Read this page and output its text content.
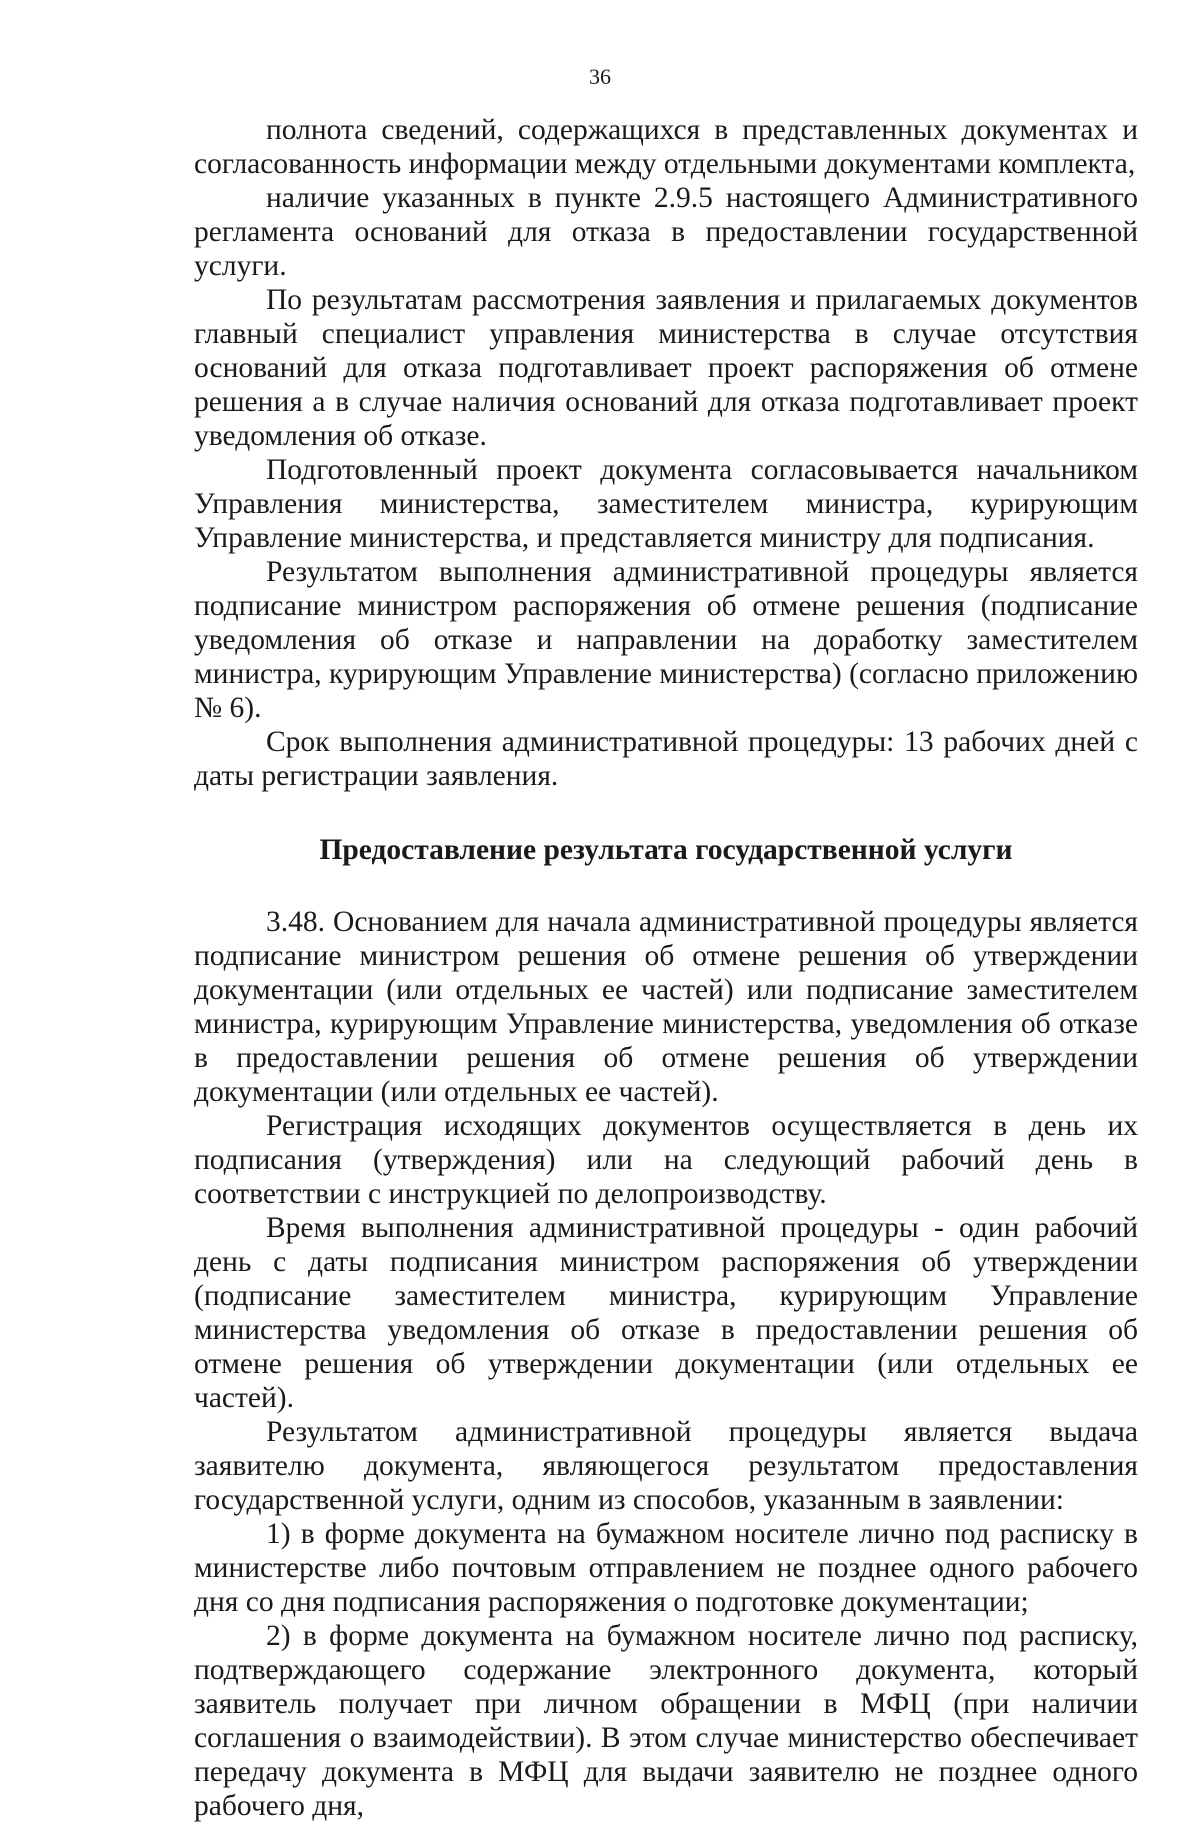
36

полнота сведений, содержащихся в представленных документах и согласованность информации между отдельными документами комплекта,

наличие указанных в пункте 2.9.5 настоящего Административного регламента оснований для отказа в предоставлении государственной услуги.

По результатам рассмотрения заявления и прилагаемых документов главный специалист управления министерства в случае отсутствия оснований для отказа подготавливает проект распоряжения об отмене решения а в случае наличия оснований для отказа подготавливает проект уведомления об отказе.

Подготовленный проект документа согласовывается начальником Управления министерства, заместителем министра, курирующим Управление министерства, и представляется министру для подписания.

Результатом выполнения административной процедуры является подписание министром распоряжения об отмене решения (подписание уведомления об отказе и направлении на доработку заместителем министра, курирующим Управление министерства) (согласно приложению № 6).

Срок выполнения административной процедуры: 13 рабочих дней с даты регистрации заявления.

Предоставление результата государственной услуги

3.48. Основанием для начала административной процедуры является подписание министром решения об отмене решения об утверждении документации (или отдельных ее частей) или подписание заместителем министра, курирующим Управление министерства, уведомления об отказе в предоставлении решения об отмене решения об утверждении документации (или отдельных ее частей).

Регистрация исходящих документов осуществляется в день их подписания (утверждения) или на следующий рабочий день в соответствии с инструкцией по делопроизводству.

Время выполнения административной процедуры - один рабочий день с даты подписания министром распоряжения об утверждении (подписание заместителем министра, курирующим Управление министерства уведомления об отказе в предоставлении решения об отмене решения об утверждении документации (или отдельных ее частей).

Результатом административной процедуры является выдача заявителю документа, являющегося результатом предоставления государственной услуги, одним из способов, указанным в заявлении:

1) в форме документа на бумажном носителе лично под расписку в министерстве либо почтовым отправлением не позднее одного рабочего дня со дня подписания распоряжения о подготовке документации;

2) в форме документа на бумажном носителе лично под расписку, подтверждающего содержание электронного документа, который заявитель получает при личном обращении в МФЦ (при наличии соглашения о взаимодействии). В этом случае министерство обеспечивает передачу документа в МФЦ для выдачи заявителю не позднее одного рабочего дня,
